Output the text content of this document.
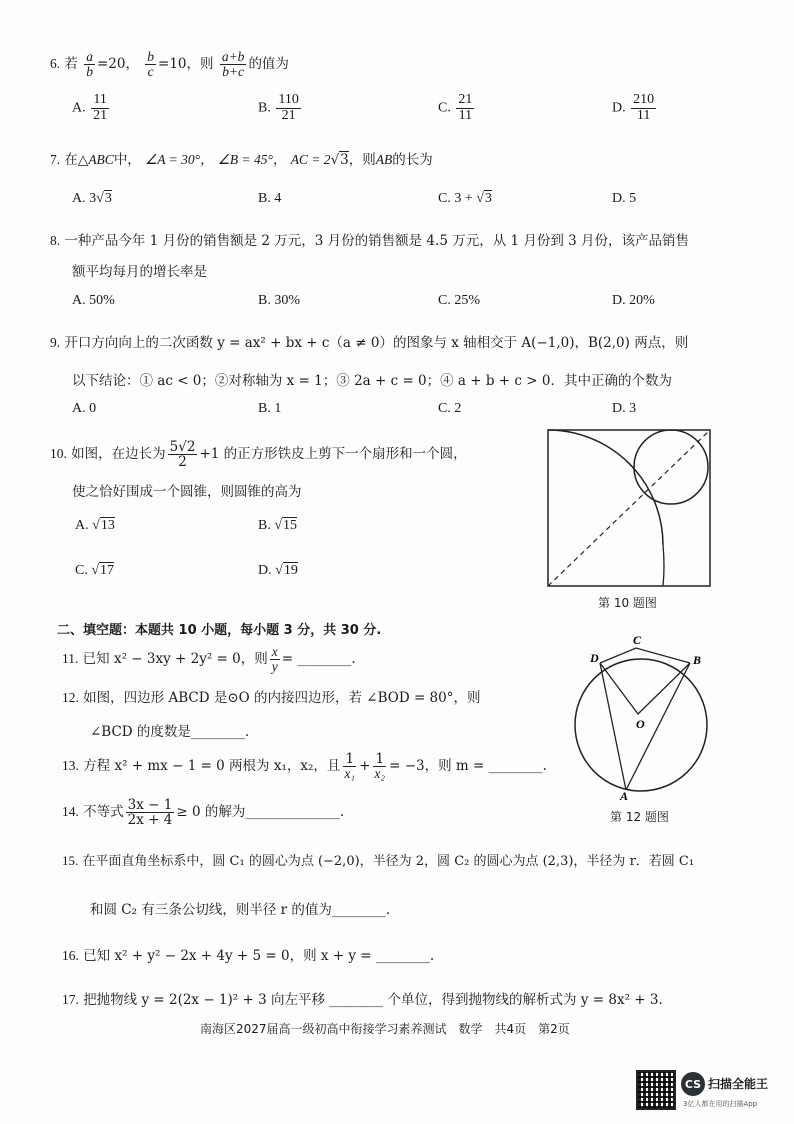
6. 若 $\frac{a}{b} =20$， $\frac{b}{c} =10$，则 $\frac{a+b}{b+c}$ 的值为
A. $\frac{11}{21}$	B. $\frac{110}{21}$	C. $\frac{21}{11}$	D. $\frac{210}{11}$
7. 在△ABC中， ∠A = 30°， ∠B = 45°， AC = 2√3，则AB的长为
A. 3√3	B. 4	C. 3 + √3	D. 5
8. 一种产品今年 1 月份的销售额是 2 万元，3 月份的销售额是 4.5 万元，从 1 月份到 3 月份，该产品销售
额平均每月的增长率是
A. 50%	B. 30%	C. 25%	D. 20%
9. 开口方向向上的二次函数 y = ax² + bx + c（a ≠ 0）的图象与 x 轴相交于 A(−1,0)，B(2,0) 两点，则
以下结论：① ac < 0；②对称轴为 x = 1；③ 2a + c = 0；④ a + b + c > 0．其中正确的个数为
A. 0	B. 1	C. 2	D. 3
10. 如图，在边长为 $\frac{5√2}{2} +1$ 的正方形铁皮上剪下一个扇形和一个圆，
使之恰好围成一个圆锥，则圆锥的高为
A. √13	B. √15
C. √17	D. √19
第 10 题图
二、填空题：本题共 10 小题，每小题 3 分，共 30 分.
11. 已知 x² − 3xy + 2y² = 0，则 $\frac{x}{y}$ = ________.
12. 如图，四边形 ABCD 是⊙O 的内接四边形，若 ∠BOD = 80°，则
∠BCD 的度数是________.
D
C
B
O
A
第 12 题图
13. 方程 x² + mx − 1 = 0 两根为 x₁，x₂，且 $\frac{1}{\text{x₁}} + \frac{1}{\text{x₂}} = -3$，则 m = ________.
14. 不等式 $\frac{3x - 1}{2x + 4} \ge 0$ 的解为______________.
15. 在平面直角坐标系中，圆 C₁ 的圆心为点 (−2,0)，半径为 2，圆 C₂ 的圆心为点 (2,3)，半径为 r．若圆 C₁
和圆 C₂ 有三条公切线，则半径 r 的值为________.
16. 已知 x² + y² − 2x + 4y + 5 = 0，则 x + y = ________.
17. 把抛物线 y = 2(2x − 1)² + 3 向左平移 ________ 个单位，得到抛物线的解析式为 y = 8x² + 3．
南海区2027届高一级初高中衔接学习素养测试　数学　共4页　第2页
CS 扫描全能王
3亿人都在用的扫描App
